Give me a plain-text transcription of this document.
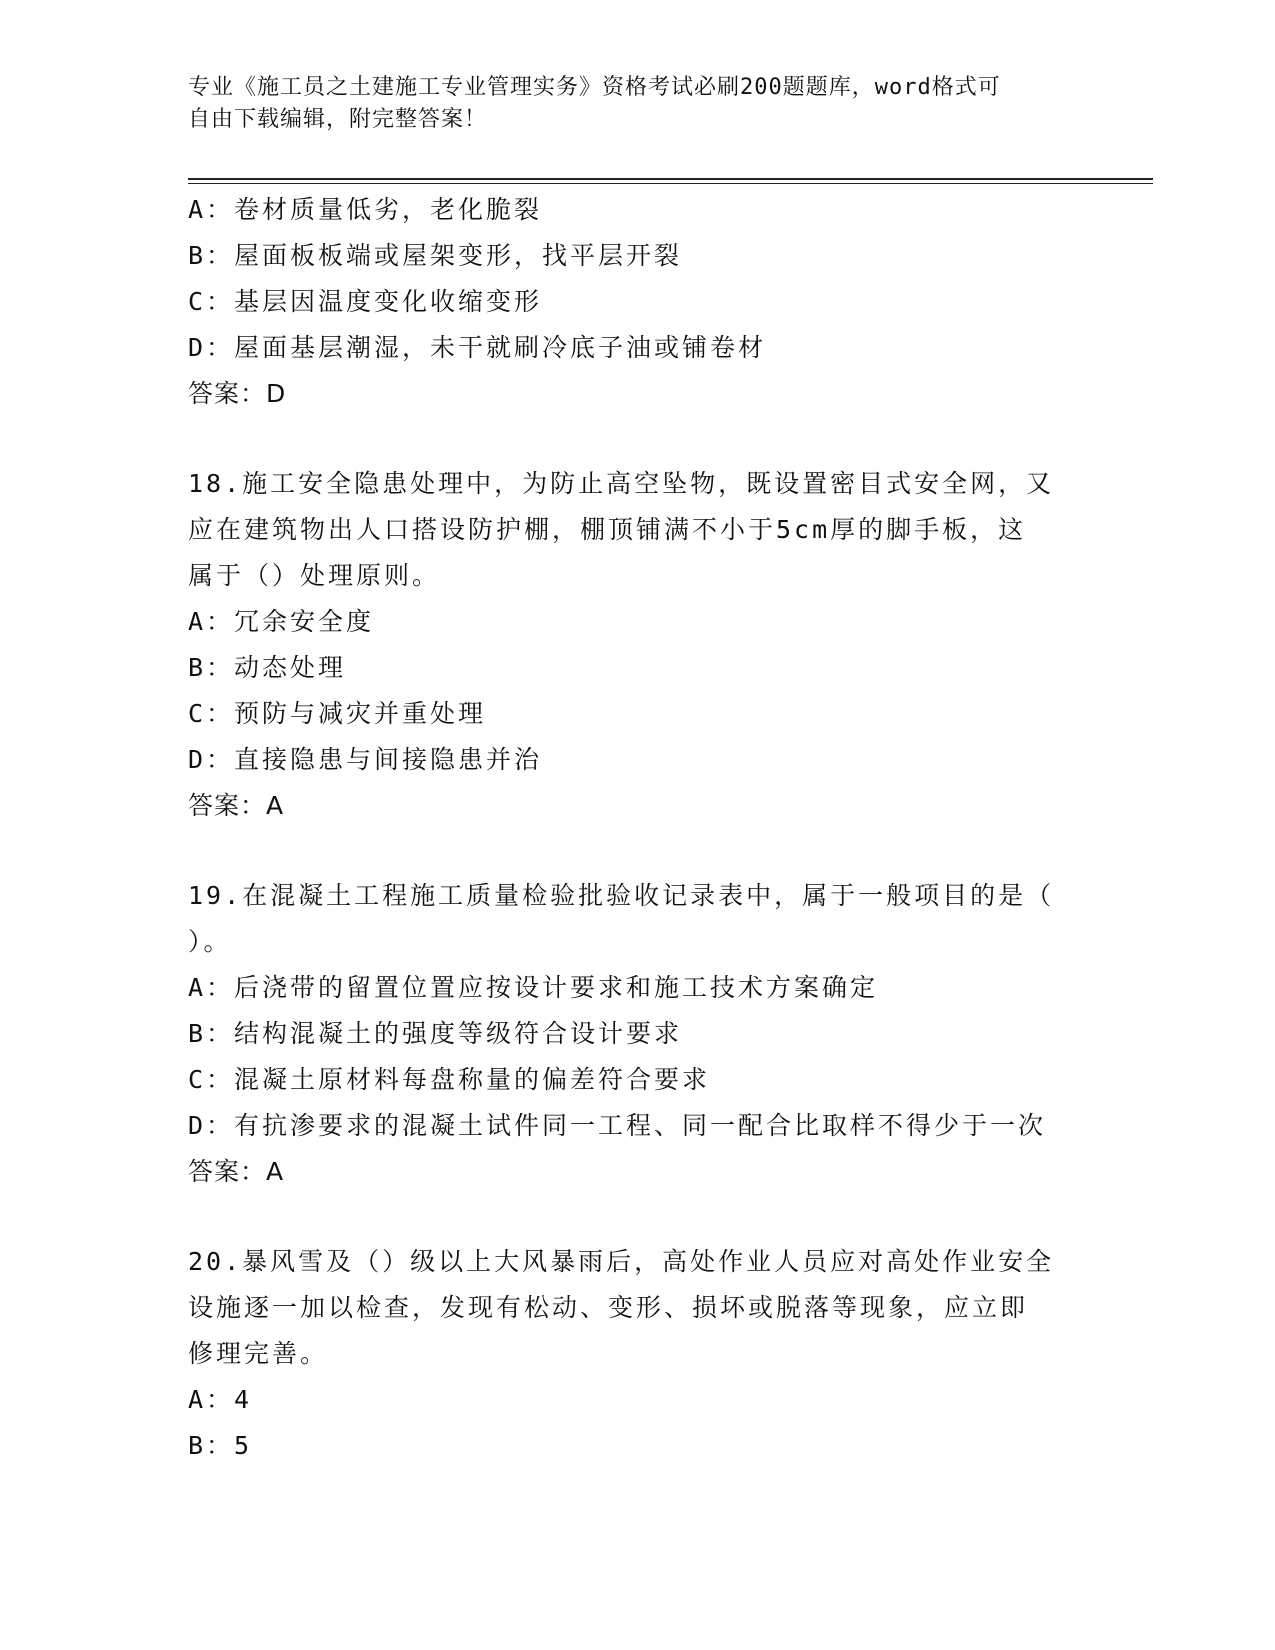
专业《施工员之土建施工专业管理实务》资格考试必刷200题题库，word格式可
自由下载编辑，附完整答案！
A：卷材质量低劣，老化脆裂
B：屋面板板端或屋架变形，找平层开裂
C：基层因温度变化收缩变形
D：屋面基层潮湿，未干就刷冷底子油或铺卷材
答案：D
18.施工安全隐患处理中，为防止高空坠物，既设置密目式安全网，又
应在建筑物出人口搭设防护棚，棚顶铺满不小于5cm厚的脚手板，这
属于（）处理原则。
A：冗余安全度
B：动态处理
C：预防与减灾并重处理
D：直接隐患与间接隐患并治
答案：A
19.在混凝土工程施工质量检验批验收记录表中，属于一般项目的是（
）。
A：后浇带的留置位置应按设计要求和施工技术方案确定
B：结构混凝土的强度等级符合设计要求
C：混凝土原材料每盘称量的偏差符合要求
D：有抗渗要求的混凝土试件同一工程、同一配合比取样不得少于一次
答案：A
20.暴风雪及（）级以上大风暴雨后，高处作业人员应对高处作业安全
设施逐一加以检查，发现有松动、变形、损坏或脱落等现象，应立即
修理完善。
A：4
B：5
